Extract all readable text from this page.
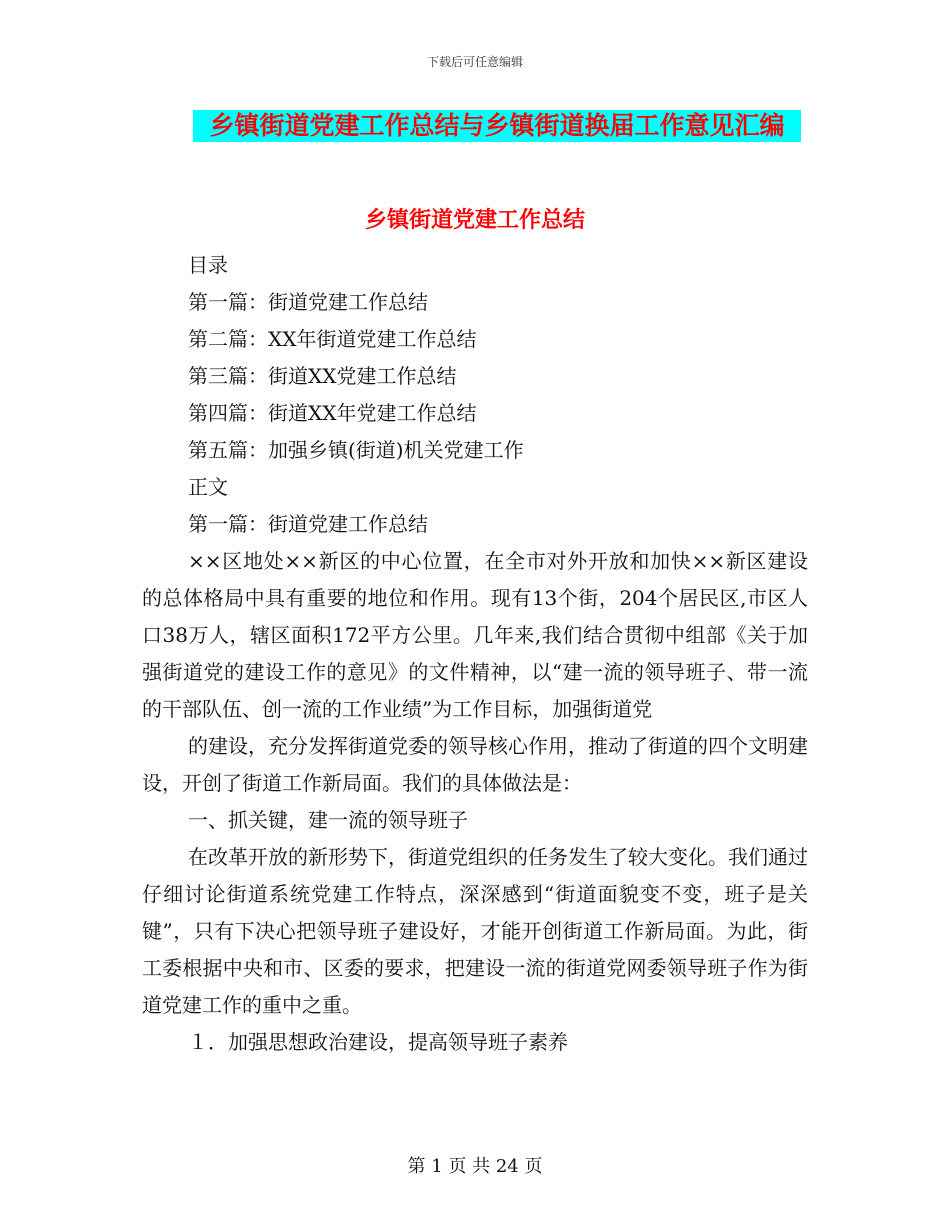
下载后可任意编辑
乡镇街道党建工作总结与乡镇街道换届工作意见汇编
乡镇街道党建工作总结

目录

第一篇：街道党建工作总结

第二篇：XX年街道党建工作总结

第三篇：街道XX党建工作总结

第四篇：街道XX年党建工作总结

第五篇：加强乡镇(街道)机关党建工作

正文

第一篇：街道党建工作总结

××区地处××新区的中心位置，在全市对外开放和加快××新区建设的总体格局中具有重要的地位和作用。现有13个街，204个居民区,市区人口38万人，辖区面积172平方公里。几年来,我们结合贯彻中组部《关于加强街道党的建设工作的意见》的文件精神，以“建一流的领导班子、带一流的干部队伍、创一流的工作业绩”为工作目标，加强街道党

的建设，充分发挥街道党委的领导核心作用，推动了街道的四个文明建设，开创了街道工作新局面。我们的具体做法是：

一、抓关键，建一流的领导班子

在改革开放的新形势下，街道党组织的任务发生了较大变化。我们通过仔细讨论街道系统党建工作特点，深深感到“街道面貌变不变，班子是关键”，只有下决心把领导班子建设好，才能开创街道工作新局面。为此，街工委根据中央和市、区委的要求，把建设一流的街道党网委领导班子作为街道党建工作的重中之重。

１．加强思想政治建设，提高领导班子素养

第 1 页 共 24 页
